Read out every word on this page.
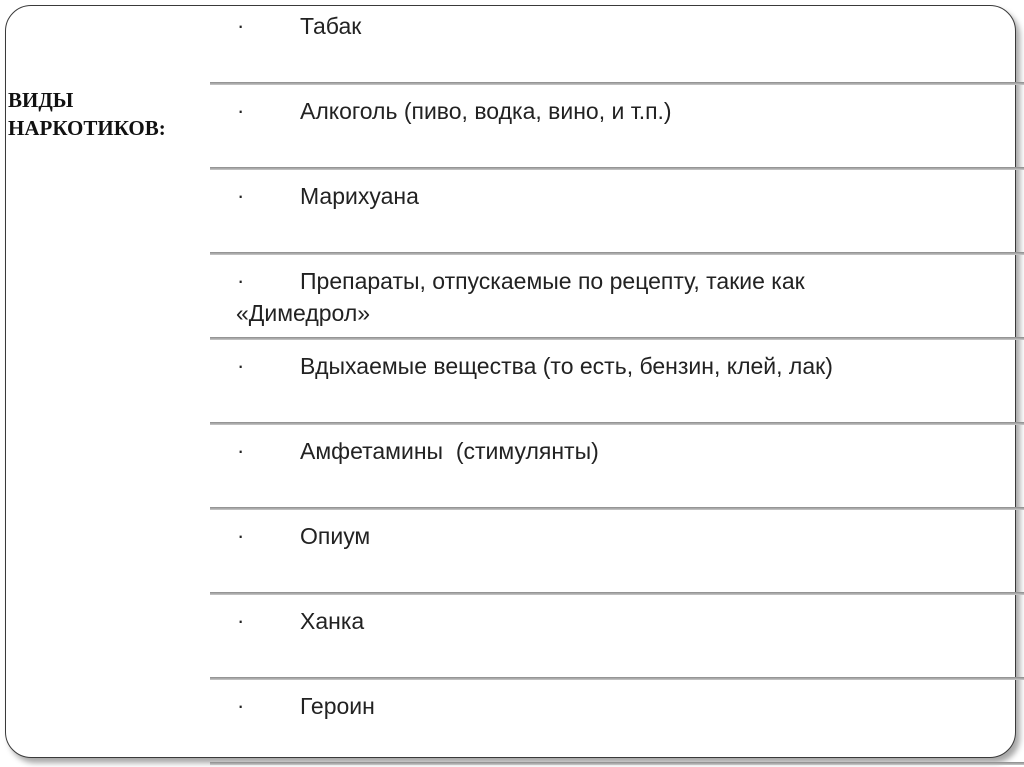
ВИДЫ
НАРКОТИКОВ:
· Табак
· Алкоголь (пиво, водка, вино, и т.п.)
· Марихуана
·	Препараты, отпускаемые по рецепту, такие как «Димедрол»
· Вдыхаемые вещества (то есть, бензин, клей, лак)
· Амфетамины  (стимулянты)
· Опиум
· Ханка
· Героин
